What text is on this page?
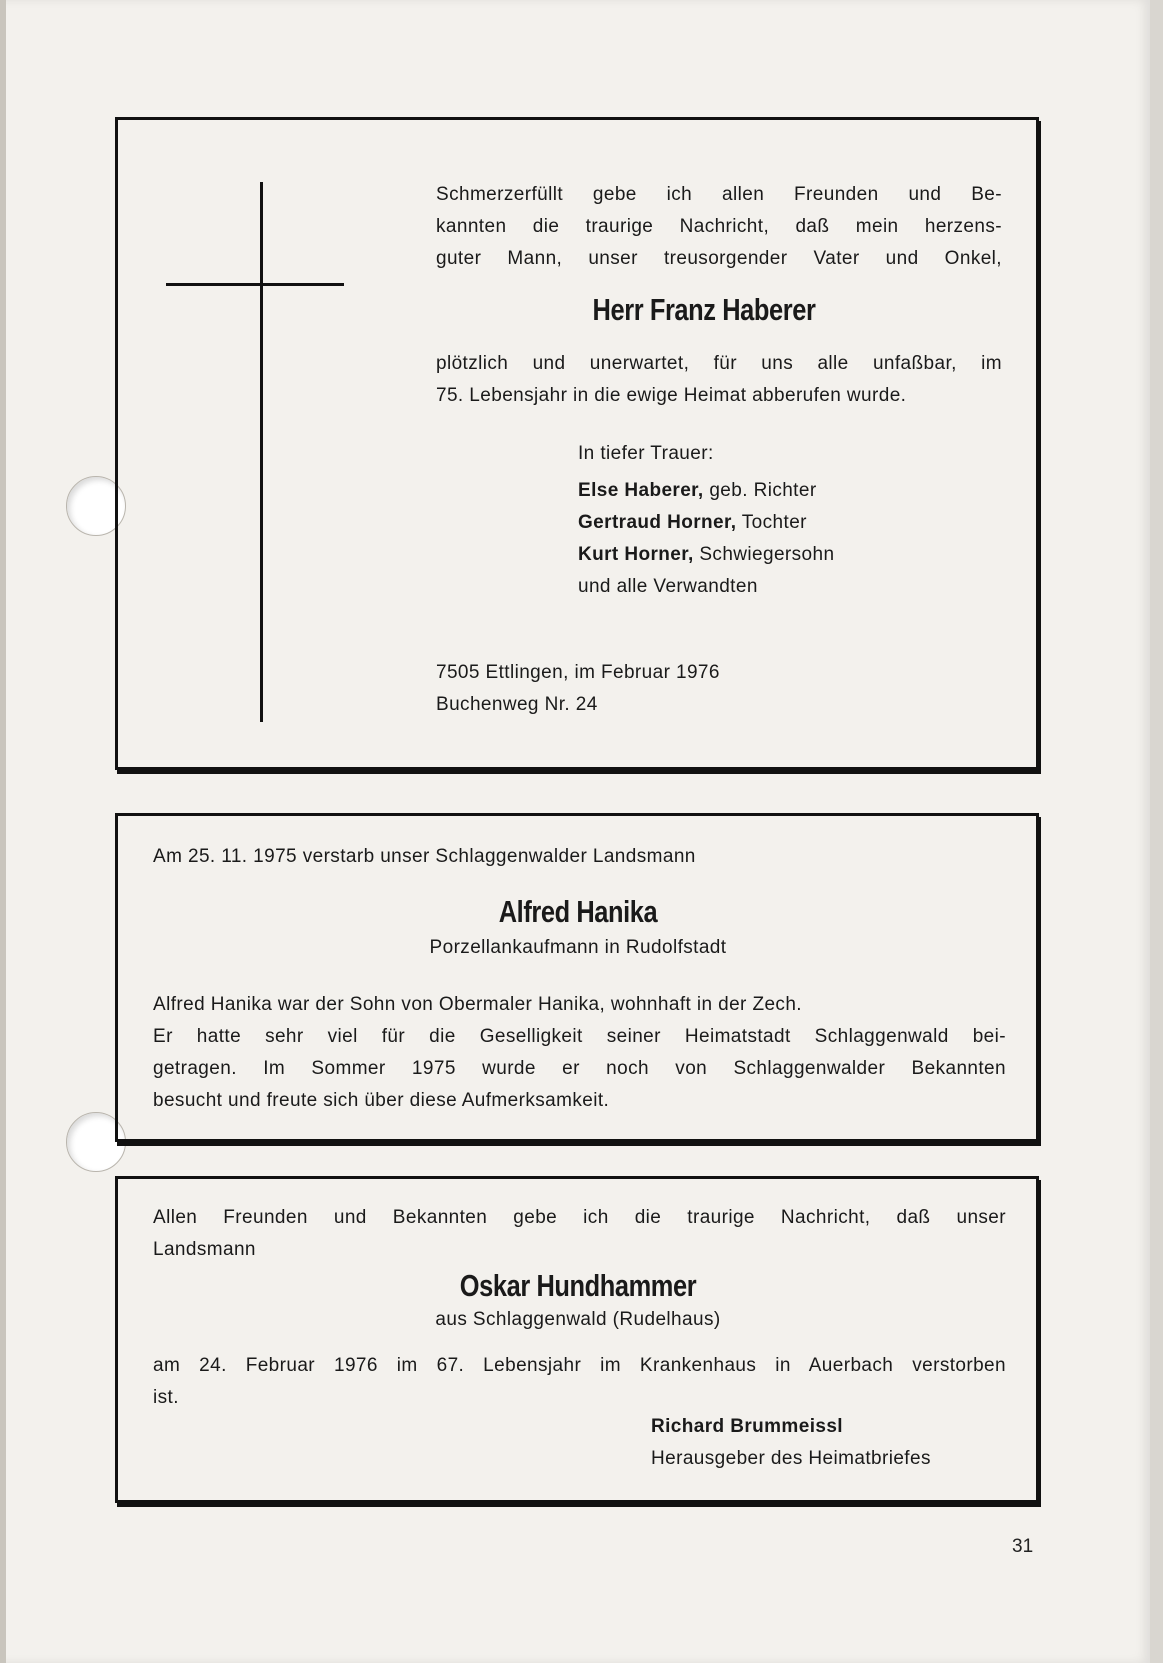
Schmerzerfüllt gebe ich allen Freunden und Be-
kannten die traurige Nachricht, daß mein herzens-
guter Mann, unser treusorgender Vater und Onkel,
Herr Franz Haberer
plötzlich und unerwartet, für uns alle unfaßbar, im
75. Lebensjahr in die ewige Heimat abberufen wurde.
In tiefer Trauer:
Else Haberer, geb. Richter
Gertraud Horner, Tochter
Kurt Horner, Schwiegersohn
und alle Verwandten
7505 Ettlingen, im Februar 1976
Buchenweg Nr. 24
Am 25. 11. 1975 verstarb unser Schlaggenwalder Landsmann
Alfred Hanika
Porzellankaufmann in Rudolfstadt
Alfred Hanika war der Sohn von Obermaler Hanika, wohnhaft in der Zech.
Er hatte sehr viel für die Geselligkeit seiner Heimatstadt Schlaggenwald bei-
getragen. Im Sommer 1975 wurde er noch von Schlaggenwalder Bekannten
besucht und freute sich über diese Aufmerksamkeit.
Allen Freunden und Bekannten gebe ich die traurige Nachricht, daß unser
Landsmann
Oskar Hundhammer
aus Schlaggenwald (Rudelhaus)
am 24. Februar 1976 im 67. Lebensjahr im Krankenhaus in Auerbach verstorben
ist.
Richard Brummeissl
Herausgeber des Heimatbriefes
31
